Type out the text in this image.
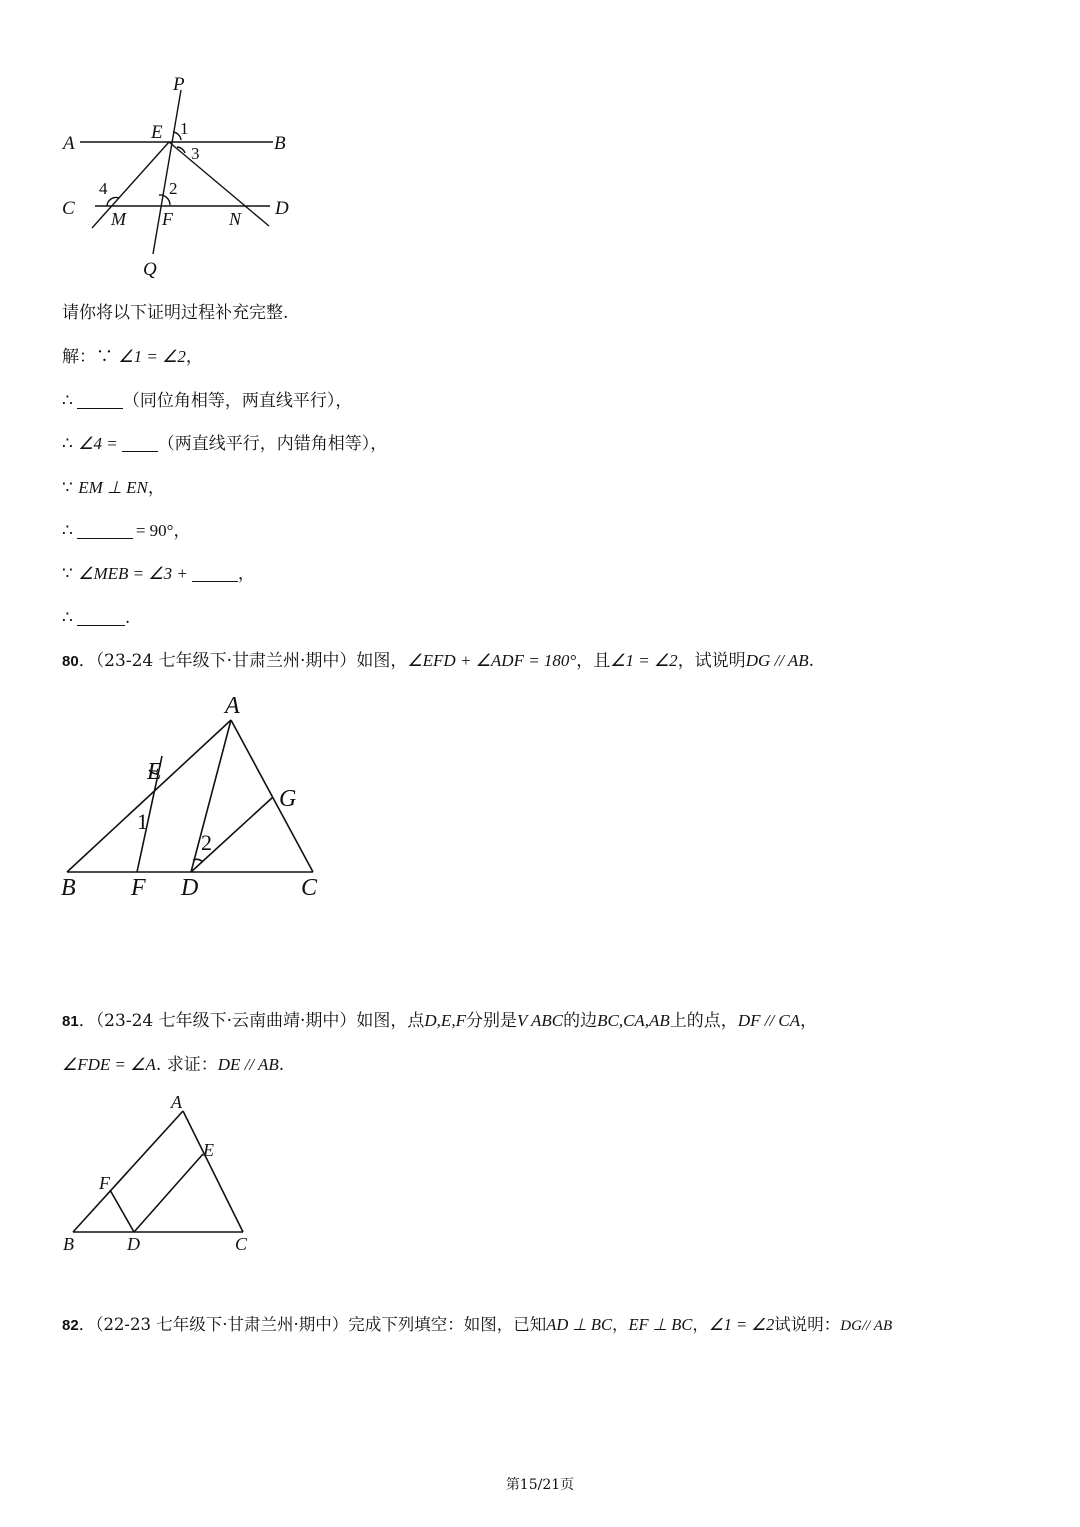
P
A
E 1
B
3
4	2
C	D
M F	N
Q
请你将以下证明过程补充完整.
解：∵ ∠1 = ∠2，
∴	（同位角相等，两直线平行），
∴ ∠4 = （两直线平行，内错角相等），
∵ EM ⊥ EN，
∴	= 90°，
∵ ∠MEB = ∠3 +	，
∴	.
80．（23-24 七年级下·甘肃兰州·期中）如图，∠EFD + ∠ADF = 180°，且∠1 = ∠2，试说明DG // AB.
A
E
G
1
2
B F D	C
81．（23-24 七年级下·云南曲靖·期中）如图，点D,E,F分别是V ABC的边BC,CA,AB上的点，DF // CA，
∠FDE = ∠A. 求证：DE // AB.
A
E
F
B	D	C
82．（22-23 七年级下·甘肃兰州·期中）完成下列填空：如图，已知AD ⊥ BC，EF ⊥ BC，∠1 = ∠2试说明：DG// AB
第15/21页
